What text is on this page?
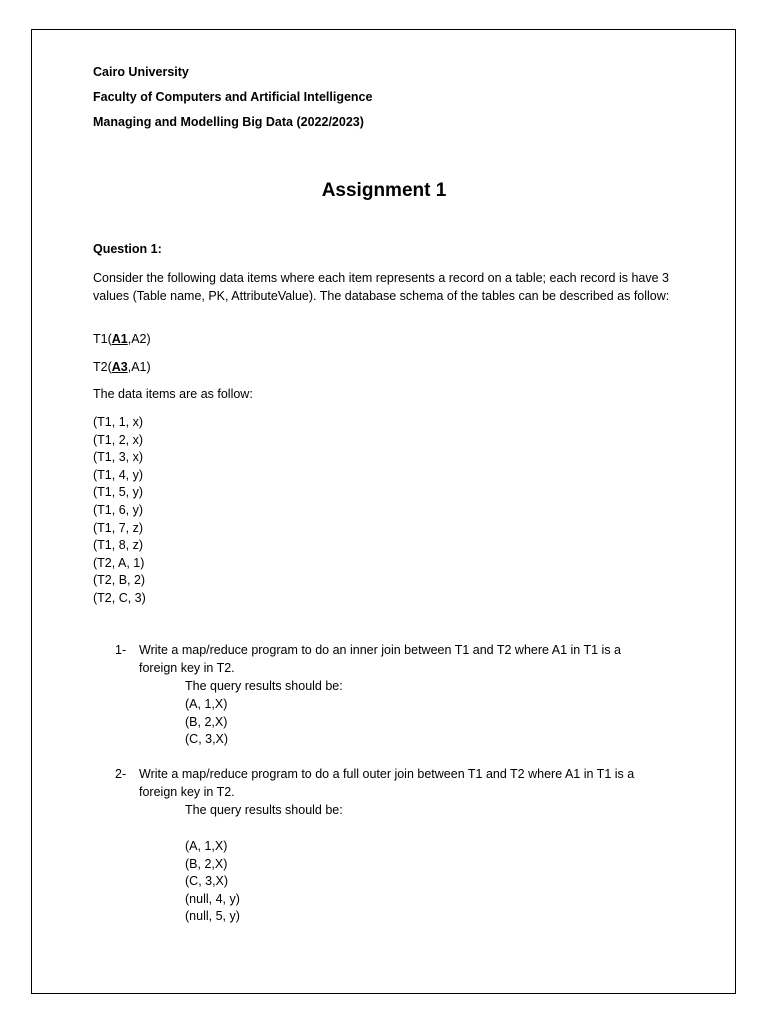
Cairo University
Faculty of Computers and Artificial Intelligence
Managing and Modelling Big Data (2022/2023)
Assignment 1
Question 1:
Consider the following data items where each item represents a record on a table; each record is have 3 values (Table name, PK, AttributeValue). The database schema of the tables can be described as follow:
T1(A1,A2)
T2(A3,A1)
The data items are as follow:
(T1, 1, x)
(T1, 2, x)
(T1, 3, x)
(T1, 4, y)
(T1, 5, y)
(T1, 6, y)
(T1, 7, z)
(T1, 8, z)
(T2, A, 1)
(T2, B, 2)
(T2, C, 3)
1- Write a map/reduce program to do an inner join between T1 and T2 where A1 in T1 is a
foreign key in T2.
The query results should be:
(A, 1,X)
(B, 2,X)
(C, 3,X)
2- Write a map/reduce program to do a full outer join between T1 and T2 where A1 in T1 is a
foreign key in T2.
The query results should be:
(A, 1,X)
(B, 2,X)
(C, 3,X)
(null, 4, y)
(null, 5, y)
